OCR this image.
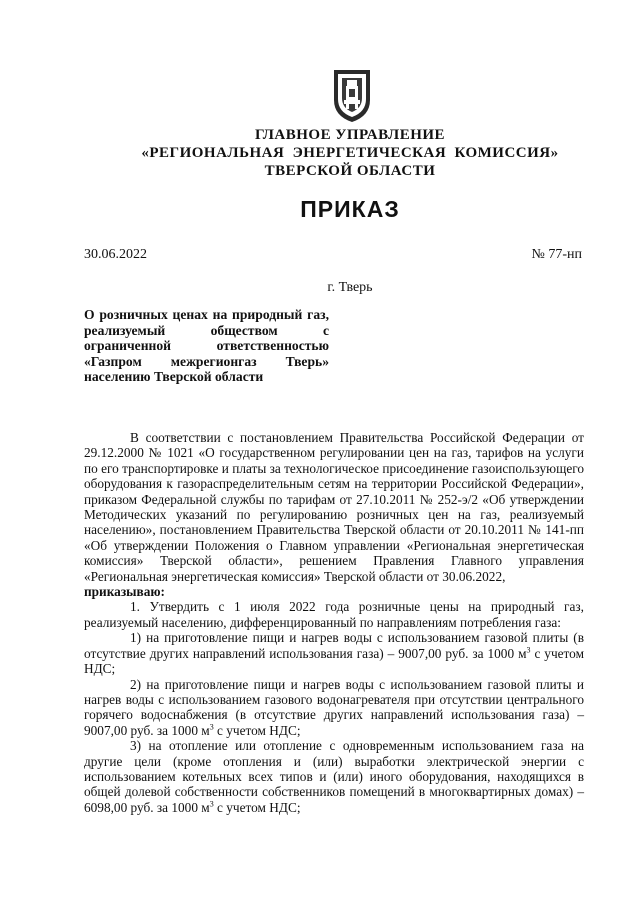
ГЛАВНОЕ УПРАВЛЕНИЕ
«РЕГИОНАЛЬНАЯ ЭНЕРГЕТИЧЕСКАЯ КОМИССИЯ»
ТВЕРСКОЙ ОБЛАСТИ
ПРИКАЗ
30.06.2022	№ 77-нп
г. Тверь
О розничных ценах на природный газ,
реализуемый обществом с
ограниченной ответственностью
«Газпром межрегионгаз Тверь»
населению Тверской области

В соответствии с постановлением Правительства Российской Федерации от 29.12.2000 № 1021 «О государственном регулировании цен на газ, тарифов на услуги по его транспортировке и платы за технологическое присоединение газоиспользующего оборудования к газораспределительным сетям на территории Российской Федерации», приказом Федеральной службы по тарифам от 27.10.2011 № 252-э/2 «Об утверждении Методических указаний по регулированию розничных цен на газ, реализуемый населению», постановлением Правительства Тверской области от 20.10.2011 № 141-пп «Об утверждении Положения о Главном управлении «Региональная энергетическая комиссия» Тверской области», решением Правления Главного управления «Региональная энергетическая комиссия» Тверской области от 30.06.2022,

приказываю:

1. Утвердить с 1 июля 2022 года розничные цены на природный газ, реализуемый населению, дифференцированный по направлениям потребления газа:

1) на приготовление пищи и нагрев воды с использованием газовой плиты (в отсутствие других направлений использования газа) – 9007,00 руб. за 1000 $м^3$ с учетом НДС;

2) на приготовление пищи и нагрев воды с использованием газовой плиты и нагрев воды с использованием газового водонагревателя при отсутствии центрального горячего водоснабжения (в отсутствие других направлений использования газа) – 9007,00 руб. за 1000 $м^3$ с учетом НДС;

3) на отопление или отопление с одновременным использованием газа на другие цели (кроме отопления и (или) выработки электрической энергии с использованием котельных всех типов и (или) иного оборудования, находящихся в общей долевой собственности собственников помещений в многоквартирных домах) – 6098,00 руб. за 1000 $м^3$ с учетом НДС;
